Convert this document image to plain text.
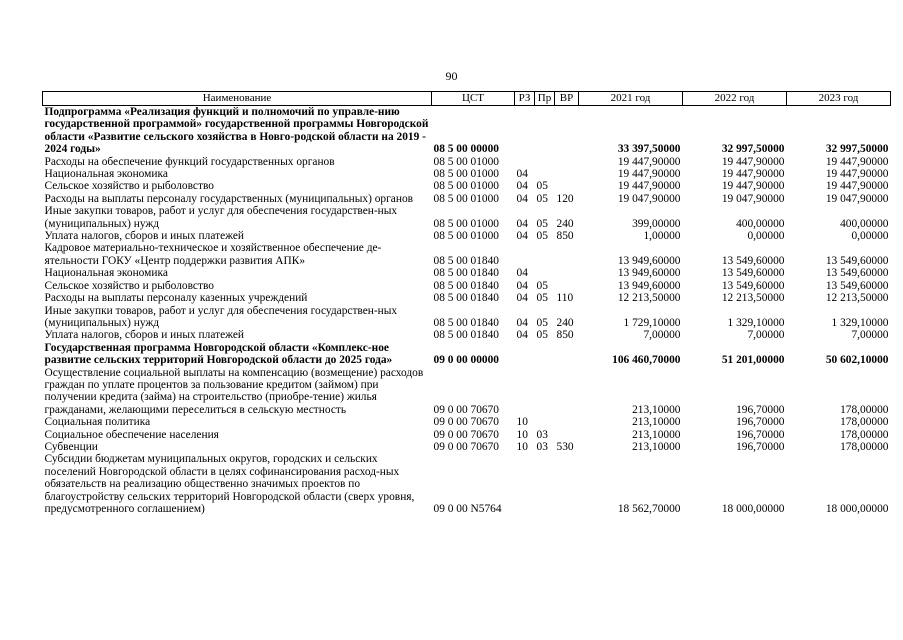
90
Наименование	ЦСТ	РЗ	Пр	ВР	2021 год	2022 год	2023 год
Подпрограмма «Реализация функций и полномочий по управле-нию государственной программой» государственной программы Новгородской области «Развитие сельского хозяйства в Новго-родской области на 2019 - 2024 годы»	08 5 00 00000				33 397,50000	32 997,50000	32 997,50000
Расходы на обеспечение функций государственных органов	08 5 00 01000				19 447,90000	19 447,90000	19 447,90000
Национальная экономика	08 5 00 01000	04			19 447,90000	19 447,90000	19 447,90000
Сельское хозяйство и рыболовство	08 5 00 01000	04	05		19 447,90000	19 447,90000	19 447,90000
Расходы на выплаты персоналу государственных (муниципальных) органов	08 5 00 01000	04	05	120	19 047,90000	19 047,90000	19 047,90000
Иные закупки товаров, работ и услуг для обеспечения государствен-ных (муниципальных) нужд	08 5 00 01000	04	05	240	399,00000	400,00000	400,00000
Уплата налогов, сборов и иных платежей	08 5 00 01000	04	05	850	1,00000	0,00000	0,00000
Кадровое материально-техническое и хозяйственное обеспечение де-ятельности ГОКУ «Центр поддержки развития АПК»	08 5 00 01840				13 949,60000	13 549,60000	13 549,60000
Национальная экономика	08 5 00 01840	04			13 949,60000	13 549,60000	13 549,60000
Сельское хозяйство и рыболовство	08 5 00 01840	04	05		13 949,60000	13 549,60000	13 549,60000
Расходы на выплаты персоналу казенных учреждений	08 5 00 01840	04	05	110	12 213,50000	12 213,50000	12 213,50000
Иные закупки товаров, работ и услуг для обеспечения государствен-ных (муниципальных) нужд	08 5 00 01840	04	05	240	1 729,10000	1 329,10000	1 329,10000
Уплата налогов, сборов и иных платежей	08 5 00 01840	04	05	850	7,00000	7,00000	7,00000
Государственная программа Новгородской области «Комплекс-ное развитие сельских территорий Новгородской области до 2025 года»	09 0 00 00000				106 460,70000	51 201,00000	50 602,10000
Осуществление социальной выплаты на компенсацию (возмещение) расходов граждан по уплате процентов за пользование кредитом (займом) при получении кредита (займа) на строительство (приобре-тение) жилья гражданами, желающими переселиться в сельскую местность	09 0 00 70670				213,10000	196,70000	178,00000
Социальная политика	09 0 00 70670	10			213,10000	196,70000	178,00000
Социальное обеспечение населения	09 0 00 70670	10	03		213,10000	196,70000	178,00000
Субвенции	09 0 00 70670	10	03	530	213,10000	196,70000	178,00000
Субсидии бюджетам муниципальных округов, городских и сельских поселений Новгородской области в целях софинансирования расход-ных обязательств на реализацию общественно значимых проектов по благоустройству сельских территорий Новгородской области (сверх уровня, предусмотренного соглашением)	09 0 00 N5764				18 562,70000	18 000,00000	18 000,00000
